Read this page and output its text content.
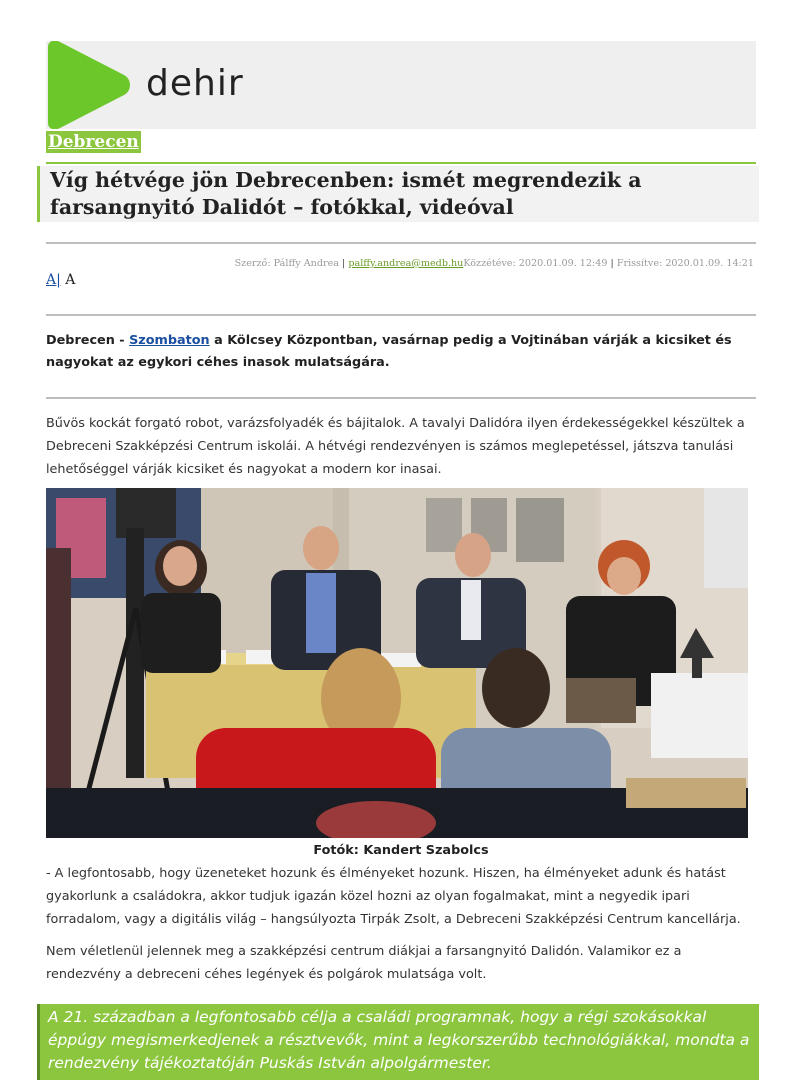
dehir
Debrecen
Víg hétvége jön Debrecenben: ismét megrendezik a farsangnyitó Dalidót – fotókkal, videóval
Szerző: Pálffy Andrea | palffy.andrea@medb.huKözzétéve: 2020.01.09. 12:49 | Frissítve: 2020.01.09. 14:21
A| A

Debrecen - Szombaton a Kölcsey Központban, vasárnap pedig a Vojtinában várják a kicsiket és nagyokat az egykori céhes inasok mulatságára.

Bűvös kockát forgató robot, varázsfolyadék és bájitalok. A tavalyi Dalidóra ilyen érdekességekkel készültek a Debreceni Szakképzési Centrum iskolái. A hétvégi rendezvényen is számos meglepetéssel, játszva tanulási lehetőséggel várják kicsiket és nagyokat a modern kor inasai.

Fotók: Kandert Szabolcs

- A legfontosabb, hogy üzeneteket hozunk és élményeket hozunk. Hiszen, ha élményeket adunk és hatást gyakorlunk a családokra, akkor tudjuk igazán közel hozni az olyan fogalmakat, mint a negyedik ipari forradalom, vagy a digitális világ – hangsúlyozta Tirpák Zsolt, a Debreceni Szakképzési Centrum kancellárja.

Nem véletlenül jelennek meg a szakképzési centrum diákjai a farsangnyitó Dalidón. Valamikor ez a rendezvény a debreceni céhes legények és polgárok mulatsága volt.

A 21. században a legfontosabb célja a családi programnak, hogy a régi szokásokkal éppúgy megismerkedjenek a résztvevők, mint a legkorszerűbb technológiákkal, mondta a rendezvény tájékoztatóján Puskás István alpolgármester.
